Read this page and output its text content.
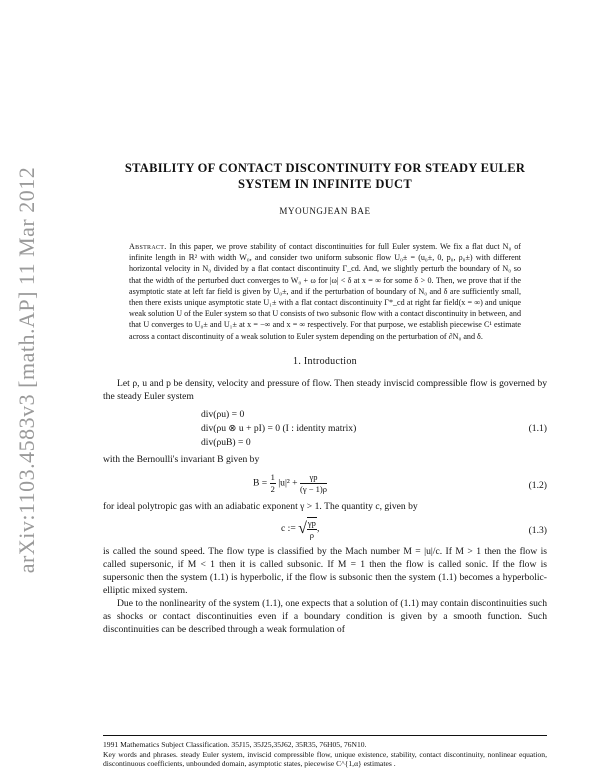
arXiv:1103.4583v3 [math.AP] 11 Mar 2012	STABILITY OF CONTACT DISCONTINUITY FOR STEADY EULER
SYSTEM IN INFINITE DUCT
MYOUNGJEAN BAE
Abstract. In this paper, we prove stability of contact discontinuities for full Euler system. We fix a flat duct N₀ of infinite length in ℝ² with width W₀, and consider two uniform subsonic flow U₀± = (u₀±, 0, p₀, ρ₀±) with different horizontal velocity in N₀ divided by a flat contact discontinuity Γ_cd. And, we slightly perturb the boundary of N₀ so that the width of the perturbed duct converges to W₀ + ω for |ω| < δ at x = ∞ for some δ > 0. Then, we prove that if the asymptotic state at left far field is given by U₀±, and if the perturbation of boundary of N₀ and δ are sufficiently small, then there exists unique asymptotic state U₁± with a flat contact discontinuity Γ*_cd at right far field(x = ∞) and unique weak solution U of the Euler system so that U consists of two subsonic flow with a contact discontinuity in between, and that U converges to U₀± and U₁± at x = −∞ and x = ∞ respectively. For that purpose, we establish piecewise C¹ estimate across a contact discontinuity of a weak solution to Euler system depending on the perturbation of ∂N₀ and δ.
1. Introduction

Let ρ, u and p be density, velocity and pressure of flow. Then steady inviscid compressible flow is governed by the steady Euler system

div(ρu) = 0
div(ρu ⊗ u + pI) = 0 (I : identity matrix)
div(ρuB) = 0
(1.1)

with the Bernoulli's invariant B given by

$B = \frac{1}{2} |u|^2 + \frac{\gamma p}{(\gamma - 1)\rho}$	(1.2)

for ideal polytropic gas with an adiabatic exponent γ > 1. The quantity c, given by

c := √ $\frac{\gamma p}{\rho}$ ,	(1.3)

is called the sound speed. The flow type is classified by the Mach number M = |u|/c. If M > 1 then the flow is called supersonic, if M < 1 then it is called subsonic. If M = 1 then the flow is called sonic. If the flow is supersonic then the system (1.1) is hyperbolic, if the flow is subsonic then the system (1.1) becomes a hyperbolic-elliptic mixed system.

Due to the nonlinearity of the system (1.1), one expects that a solution of (1.1) may contain discontinuities such as shocks or contact discontinuities even if a boundary condition is given by a smooth function. Such discontinuities can be described through a weak formulation of

1991 Mathematics Subject Classification. 35J15, 35J25,35J62, 35R35, 76H05, 76N10.

Key words and phrases. steady Euler system, inviscid compressible flow, unique existence, stability, contact discontinuity, nonlinear equation, discontinuous coefficients, unbounded domain, asymptotic states, piecewise C^{1,α} estimates .
